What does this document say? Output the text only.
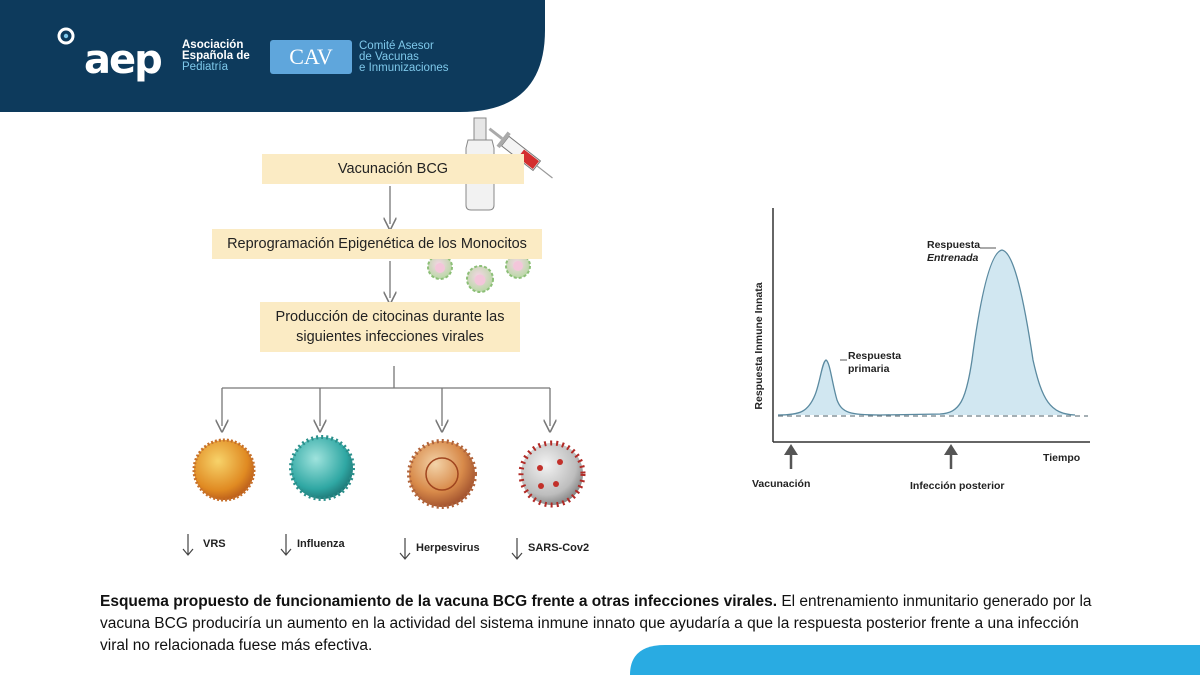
aep Asociación
Española de
Pediatría	CAV	Comité Asesor
de Vacunas
e Inmunizaciones
Vacunación BCG
Reprogramación Epigenética de los Monocitos
Producción de citocinas durante las
siguientes infecciones virales
VRS	Influenza	Herpesvirus	SARS-Cov2
Respuesta Inmune Innata	Respuesta
primaria
Respuesta
Entrenada
Tiempo
Vacunación	Infección posterior
Esquema propuesto de funcionamiento de la vacuna BCG frente a otras infecciones virales. El entrenamiento inmunitario generado por la vacuna BCG produciría un aumento en la actividad del sistema inmune innato que ayudaría a que la respuesta posterior frente a una infección viral no relacionada fuese más efectiva.
